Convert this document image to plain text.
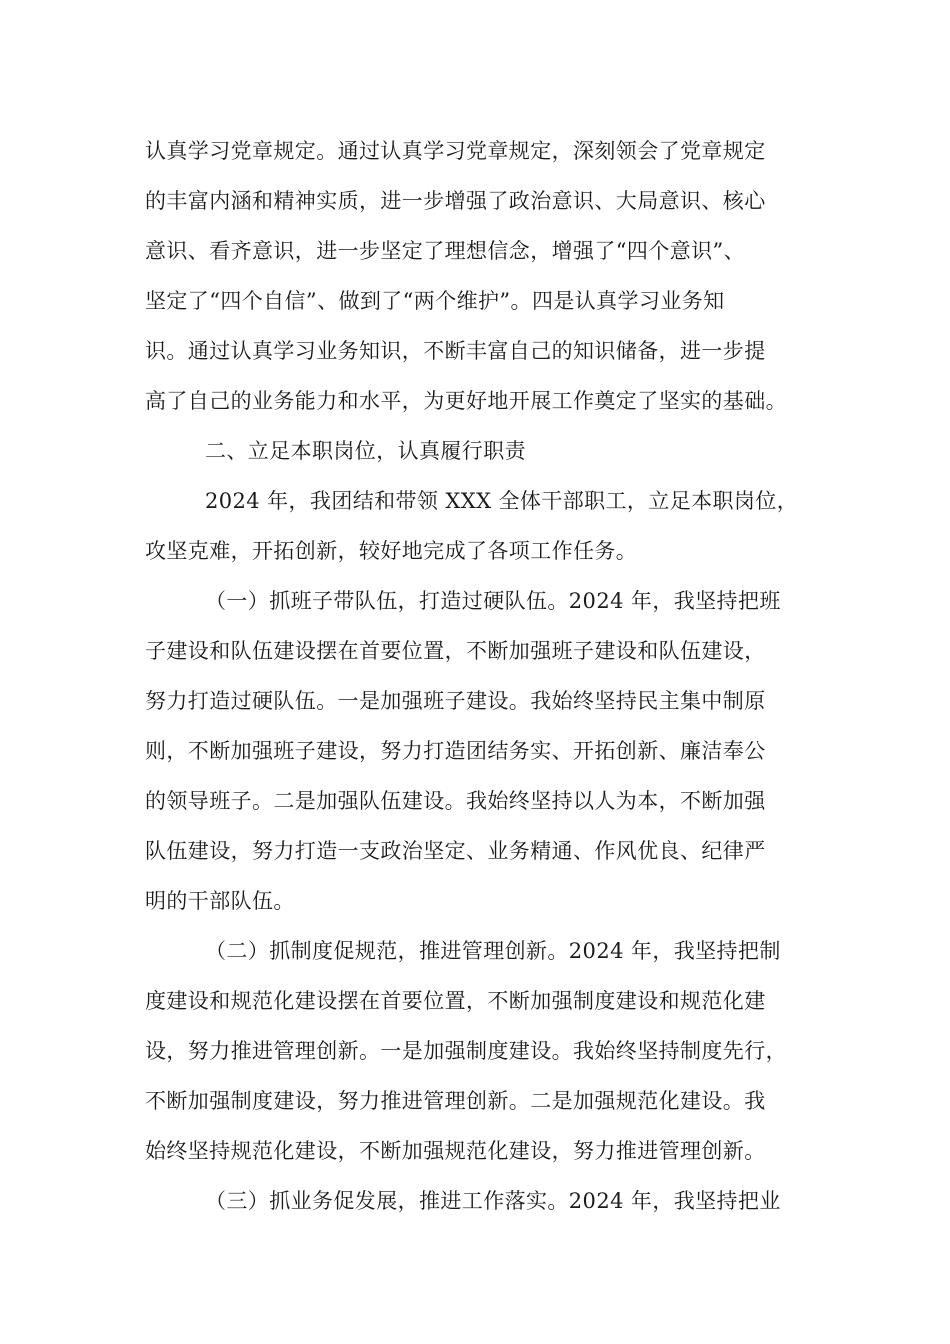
认真学习党章规定。通过认真学习党章规定，深刻领会了党章规定
的丰富内涵和精神实质，进一步增强了政治意识、大局意识、核心
意识、看齐意识，进一步坚定了理想信念，增强了“四个意识”、
坚定了“四个自信”、做到了“两个维护”。四是认真学习业务知
识。通过认真学习业务知识，不断丰富自己的知识储备，进一步提
高了自己的业务能力和水平，为更好地开展工作奠定了坚实的基础。
二、立足本职岗位，认真履行职责
2024 年，我团结和带领 XXX 全体干部职工，立足本职岗位，
攻坚克难，开拓创新，较好地完成了各项工作任务。
（一）抓班子带队伍，打造过硬队伍。2024 年，我坚持把班
子建设和队伍建设摆在首要位置，不断加强班子建设和队伍建设，
努力打造过硬队伍。一是加强班子建设。我始终坚持民主集中制原
则，不断加强班子建设，努力打造团结务实、开拓创新、廉洁奉公
的领导班子。二是加强队伍建设。我始终坚持以人为本，不断加强
队伍建设，努力打造一支政治坚定、业务精通、作风优良、纪律严
明的干部队伍。
（二）抓制度促规范，推进管理创新。2024 年，我坚持把制
度建设和规范化建设摆在首要位置，不断加强制度建设和规范化建
设，努力推进管理创新。一是加强制度建设。我始终坚持制度先行，
不断加强制度建设，努力推进管理创新。二是加强规范化建设。我
始终坚持规范化建设，不断加强规范化建设，努力推进管理创新。
（三）抓业务促发展，推进工作落实。2024 年，我坚持把业
